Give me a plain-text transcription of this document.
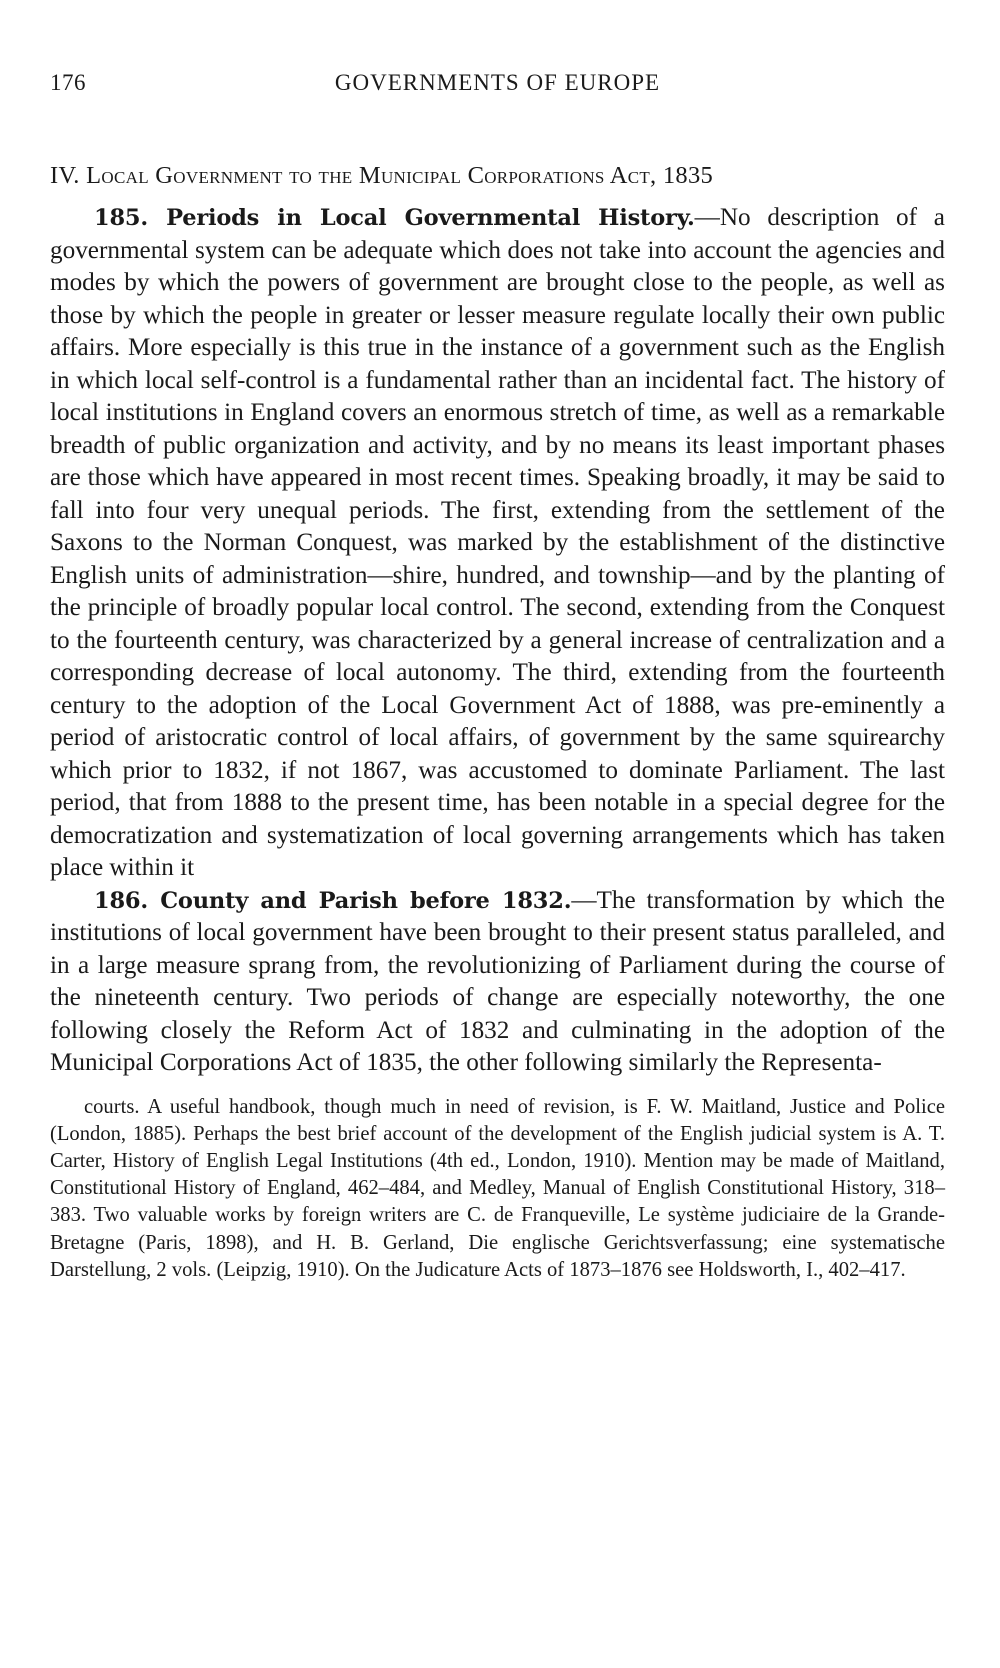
176	GOVERNMENTS OF EUROPE
IV. Local Government to the Municipal Corporations Act, 1835

185. Periods in Local Governmental History.—No description of a governmental system can be adequate which does not take into account the agencies and modes by which the powers of government are brought close to the people, as well as those by which the people in greater or lesser measure regulate locally their own public affairs. More especially is this true in the instance of a government such as the English in which local self-control is a fundamental rather than an incidental fact. The history of local institutions in England covers an enormous stretch of time, as well as a remarkable breadth of public organization and activity, and by no means its least important phases are those which have appeared in most recent times. Speaking broadly, it may be said to fall into four very unequal periods. The first, extending from the settlement of the Saxons to the Norman Conquest, was marked by the establishment of the distinctive English units of administration—shire, hundred, and township—and by the planting of the principle of broadly popular local control. The second, extending from the Conquest to the fourteenth century, was characterized by a general increase of centralization and a corresponding decrease of local autonomy. The third, extending from the fourteenth century to the adoption of the Local Government Act of 1888, was pre-eminently a period of aristocratic control of local affairs, of government by the same squirearchy which prior to 1832, if not 1867, was accustomed to dominate Parliament. The last period, that from 1888 to the present time, has been notable in a special degree for the democratization and systematization of local governing arrangements which has taken place within it

186. County and Parish before 1832.—The transformation by which the institutions of local government have been brought to their present status paralleled, and in a large measure sprang from, the revolutionizing of Parliament during the course of the nineteenth century. Two periods of change are especially noteworthy, the one following closely the Reform Act of 1832 and culminating in the adoption of the Municipal Corporations Act of 1835, the other following similarly the Representa-

courts. A useful handbook, though much in need of revision, is F. W. Maitland, Justice and Police (London, 1885). Perhaps the best brief account of the development of the English judicial system is A. T. Carter, History of English Legal Institutions (4th ed., London, 1910). Mention may be made of Maitland, Constitutional History of England, 462–484, and Medley, Manual of English Constitutional History, 318–383. Two valuable works by foreign writers are C. de Franqueville, Le système judiciaire de la Grande-Bretagne (Paris, 1898), and H. B. Gerland, Die englische Gerichtsverfassung; eine systematische Darstellung, 2 vols. (Leipzig, 1910). On the Judicature Acts of 1873–1876 see Holdsworth, I., 402–417.
